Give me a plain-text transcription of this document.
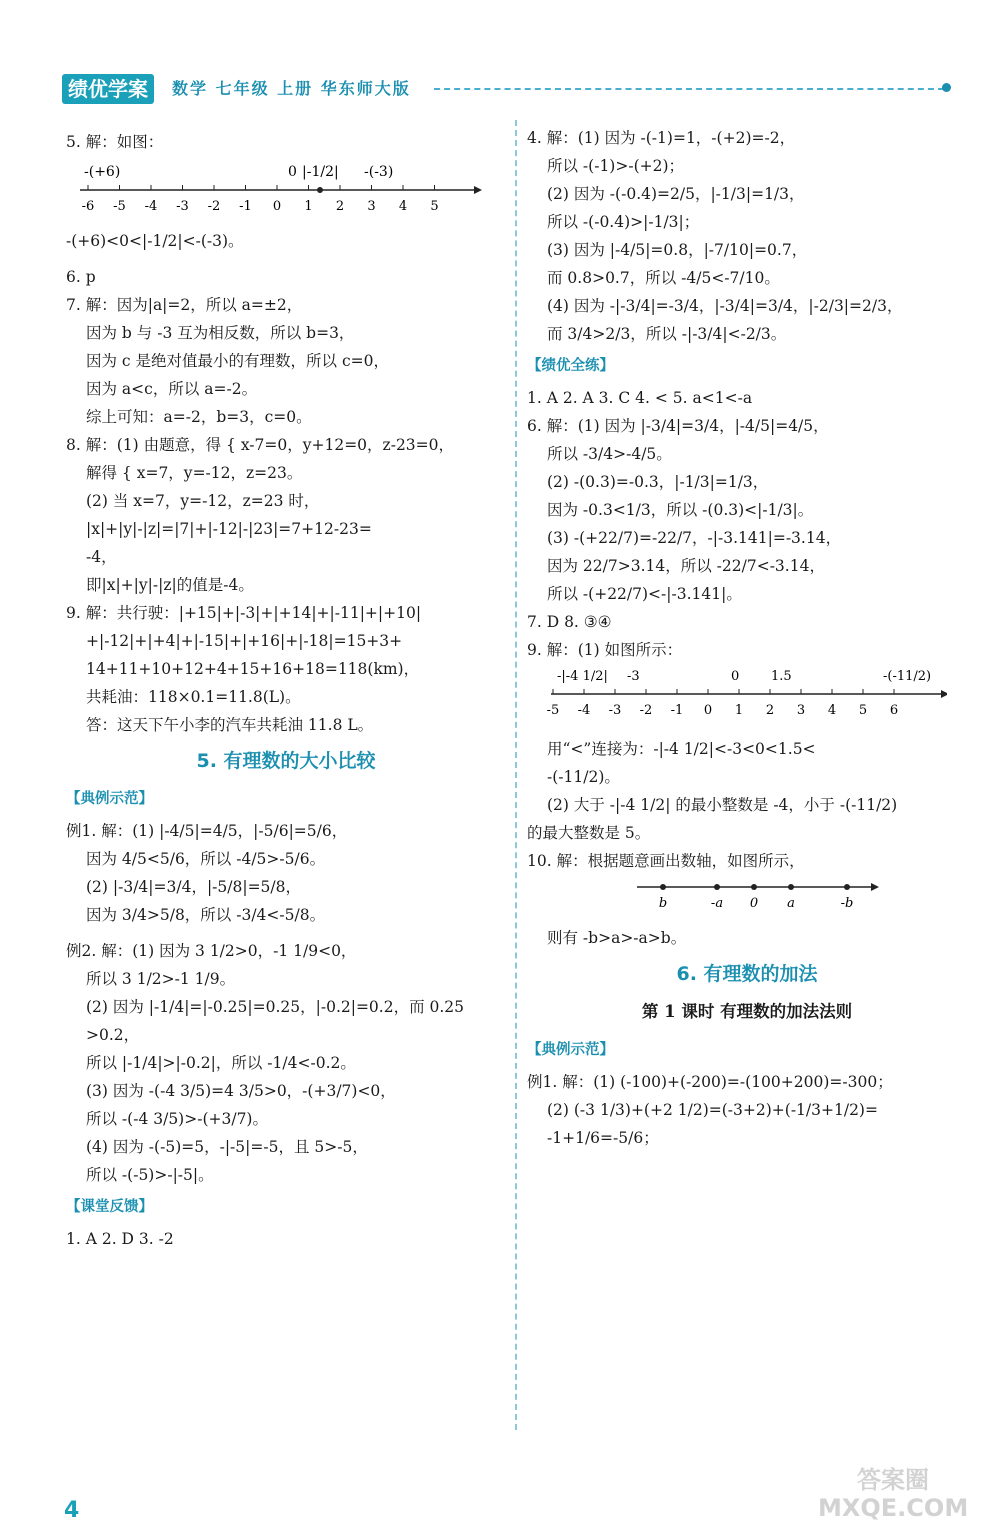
绩优学案	数学 七年级 上册 华东师大版
5. 解：如图：
-6 -5 -4 -3 -2 -1 0 1 2 3 4 5
-(+6)	0 |-1/2| -(-3)
-(+6)<0<|-1/2|<-(-3)。
6. p
7. 解：因为|a|=2，所以 a=±2，
因为 b 与 -3 互为相反数，所以 b=3，
因为 c 是绝对值最小的有理数，所以 c=0，
因为 a<c，所以 a=-2。
综上可知：a=-2，b=3，c=0。
8. 解：(1) 由题意，得 { x-7=0，y+12=0，z-23=0，
解得 { x=7，y=-12，z=23。
(2) 当 x=7，y=-12，z=23 时，
|x|+|y|-|z|=|7|+|-12|-|23|=7+12-23=
-4，
即|x|+|y|-|z|的值是-4。
9. 解：共行驶：|+15|+|-3|+|+14|+|-11|+|+10|
+|-12|+|+4|+|-15|+|+16|+|-18|=15+3+
14+11+10+12+4+15+16+18=118(km)，
共耗油：118×0.1=11.8(L)。
答：这天下午小李的汽车共耗油 11.8 L。
5. 有理数的大小比较
【典例示范】
例1. 解：(1) |-4/5|=4/5，|-5/6|=5/6，
因为 4/5<5/6，所以 -4/5>-5/6。
(2) |-3/4|=3/4，|-5/8|=5/8，
因为 3/4>5/8，所以 -3/4<-5/8。
例2. 解：(1) 因为 3 1/2>0，-1 1/9<0，
所以 3 1/2>-1 1/9。
(2) 因为 |-1/4|=|-0.25|=0.25，|-0.2|=0.2，而 0.25
>0.2，
所以 |-1/4|>|-0.2|，所以 -1/4<-0.2。
(3) 因为 -(-4 3/5)=4 3/5>0，-(+3/7)<0，
所以 -(-4 3/5)>-(+3/7)。
(4) 因为 -(-5)=5，-|-5|=-5，且 5>-5，
所以 -(-5)>-|-5|。
【课堂反馈】
1. A 2. D 3. -2
4. 解：(1) 因为 -(-1)=1，-(+2)=-2，
所以 -(-1)>-(+2)；
(2) 因为 -(-0.4)=2/5，|-1/3|=1/3，
所以 -(-0.4)>|-1/3|；
(3) 因为 |-4/5|=0.8，|-7/10|=0.7，
而 0.8>0.7，所以 -4/5<-7/10。
(4) 因为 -|-3/4|=-3/4，|-3/4|=3/4，|-2/3|=2/3，
而 3/4>2/3，所以 -|-3/4|<-2/3。
【绩优全练】
1. A 2. A 3. C 4. < 5. a<1<-a
6. 解：(1) 因为 |-3/4|=3/4，|-4/5|=4/5，
所以 -3/4>-4/5。
(2) -(0.3)=-0.3，|-1/3|=1/3，
因为 -0.3<1/3，所以 -(0.3)<|-1/3|。
(3) -(+22/7)=-22/7，-|-3.141|=-3.14，
因为 22/7>3.14，所以 -22/7<-3.14，
所以 -(+22/7)<-|-3.141|。
7. D 8. ③④
9. 解：(1) 如图所示：
-5 -4 -3 -2 -1 0 1 2 3 4 5 6
-|-4 1/2| -3	0 1.5	-(-11/2)
用“<”连接为：-|-4 1/2|<-3<0<1.5<
-(-11/2)。
(2) 大于 -|-4 1/2| 的最小整数是 -4，小于 -(-11/2)
的最大整数是 5。
10. 解：根据题意画出数轴，如图所示，
b	-a 0 a	-b
则有 -b>a>-a>b。
6. 有理数的加法
第 1 课时 有理数的加法法则
【典例示范】
例1. 解：(1) (-100)+(-200)=-(100+200)=-300；
(2) (-3 1/3)+(+2 1/2)=(-3+2)+(-1/3+1/2)=
-1+1/6=-5/6；
4
答案圈 MXQE.COM
